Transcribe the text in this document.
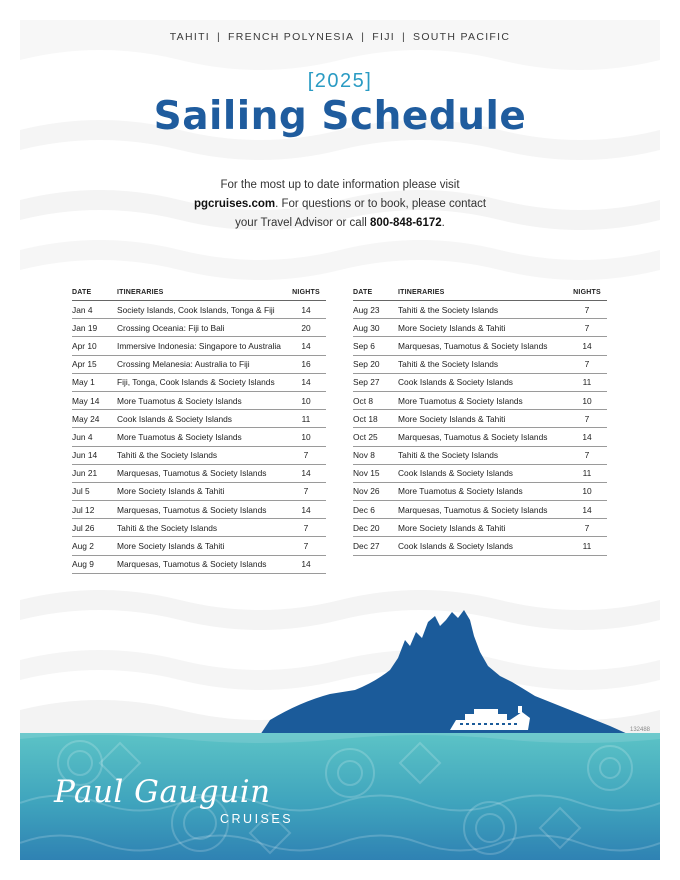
TAHITI | FRENCH POLYNESIA | FIJI | SOUTH PACIFIC
[2025]
Sailing Schedule
For the most up to date information please visit
pgcruises.com. For questions or to book, please contact
your Travel Advisor or call 800-848-6172.
DATE	ITINERARIES	NIGHTS
Jan 4	Society Islands, Cook Islands, Tonga & Fiji	14
Jan 19	Crossing Oceania: Fiji to Bali	20
Apr 10	Immersive Indonesia: Singapore to Australia	14
Apr 15	Crossing Melanesia: Australia to Fiji	16
May 1	Fiji, Tonga, Cook Islands & Society Islands	14
May 14	More Tuamotus & Society Islands	10
May 24	Cook Islands & Society Islands	11
Jun 4	More Tuamotus & Society Islands	10
Jun 14	Tahiti & the Society Islands	7
Jun 21	Marquesas, Tuamotus & Society Islands	14
Jul 5	More Society Islands & Tahiti	7
Jul 12	Marquesas, Tuamotus & Society Islands	14
Jul 26	Tahiti & the Society Islands	7
Aug 2	More Society Islands & Tahiti	7
Aug 9	Marquesas, Tuamotus & Society Islands	14
DATE	ITINERARIES	NIGHTS
Aug 23	Tahiti & the Society Islands	7
Aug 30	More Society Islands & Tahiti	7
Sep 6	Marquesas, Tuamotus & Society Islands	14
Sep 20	Tahiti & the Society Islands	7
Sep 27	Cook Islands & Society Islands	11
Oct 8	More Tuamotus & Society Islands	10
Oct 18	More Society Islands & Tahiti	7
Oct 25	Marquesas, Tuamotus & Society Islands	14
Nov 8	Tahiti & the Society Islands	7
Nov 15	Cook Islands & Society Islands	11
Nov 26	More Tuamotus & Society Islands	10
Dec 6	Marquesas, Tuamotus & Society Islands	14
Dec 20	More Society Islands & Tahiti	7
Dec 27	Cook Islands & Society Islands	11
132488
Paul Gauguin
CRUISES
